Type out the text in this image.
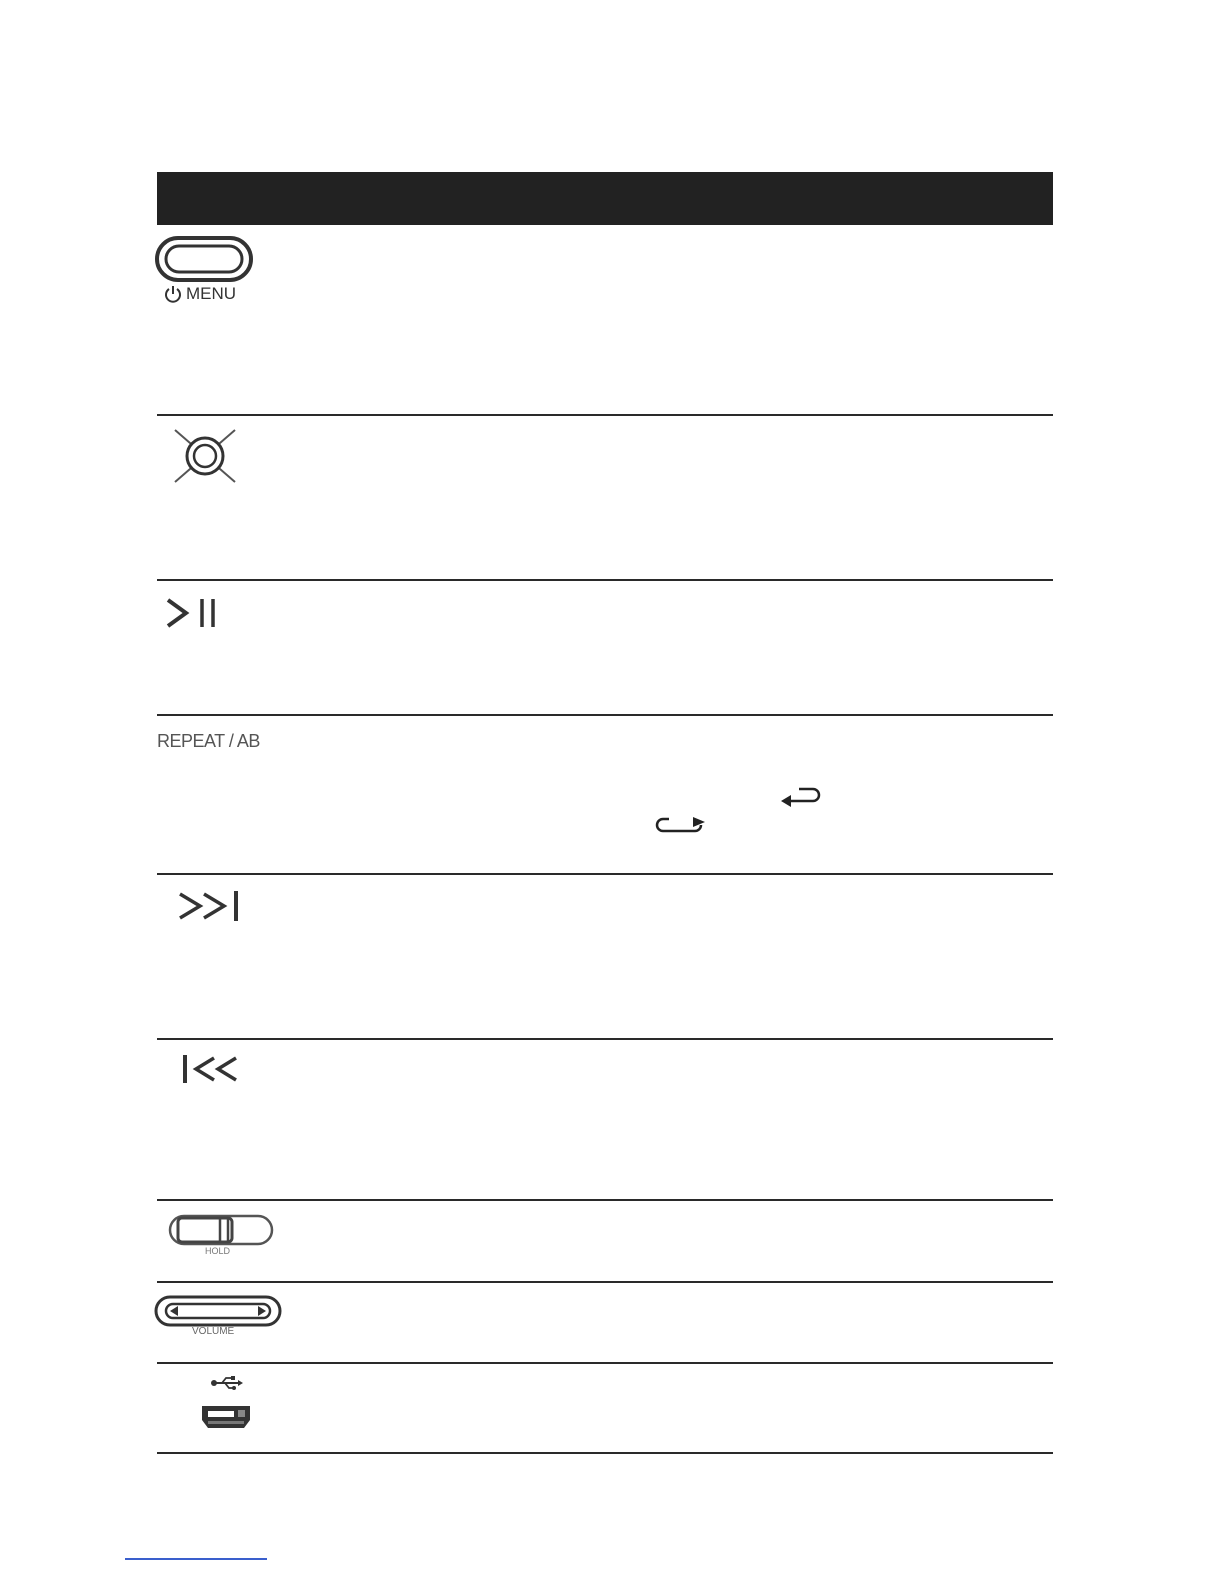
MENU
REPEAT / AB
HOLD
VOLUME
